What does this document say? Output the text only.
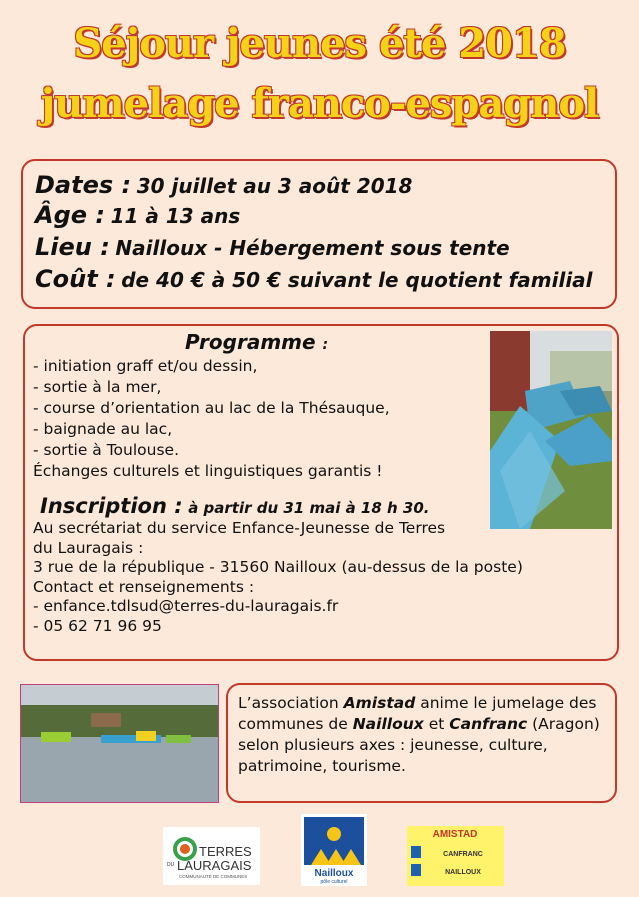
Séjour jeunes été 2018
jumelage franco-espagnol
Dates : 30 juillet au 3 août 2018
Âge : 11 à 13 ans
Lieu : Nailloux - Hébergement sous tente
Coût : de 40 € à 50 € suivant le quotient familial
Programme :
- initiation graff et/ou dessin,
- sortie à la mer,
- course d’orientation au lac de la Thésauque,
- baignade au lac,
- sortie à Toulouse.
Échanges culturels et linguistiques garantis !
Inscription : à partir du 31 mai à 18 h 30.
Au secrétariat du service Enfance-Jeunesse de Terres
du Lauragais :
3 rue de la république - 31560 Nailloux (au-dessus de la poste)
Contact et renseignements :
- enfance.tdlsud@terres-du-lauragais.fr
- 05 62 71 96 95
L’association Amistad anime le jumelage des communes de Nailloux et Canfranc (Aragon) selon plusieurs axes : jeunesse, culture, patrimoine, tourisme.
TERRES
DU LAURAGAIS
COMMUNAUTÉ DE COMMUNES	Nailloux
pôle culturel
AMISTAD
CANFRANC
NAILLOUX
